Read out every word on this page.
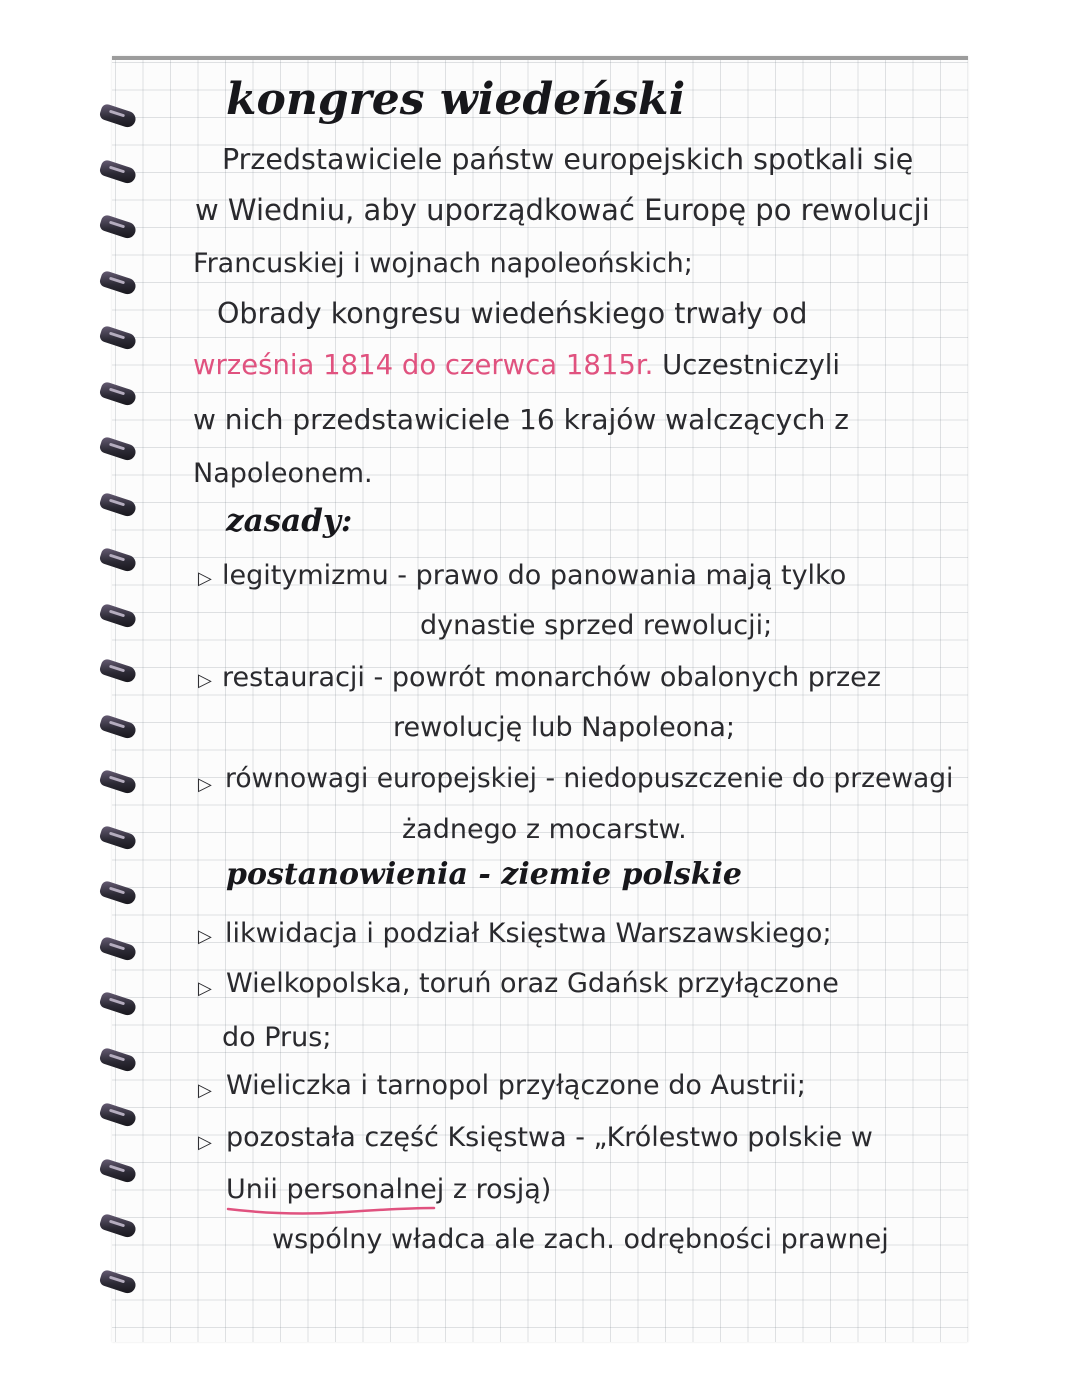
kongres wiedeński
Przedstawiciele państw europejskich spotkali się
w Wiedniu, aby uporządkować Europę po rewolucji
Francuskiej i wojnach napoleońskich;
Obrady kongresu wiedeńskiego trwały od
września 1814 do czerwca 1815r. Uczestniczyli
w nich przedstawiciele 16 krajów walczących z
Napoleonem.
zasady:
▷ legitymizmu - prawo do panowania mają tylko
dynastie sprzed rewolucji;
▷ restauracji - powrót monarchów obalonych przez
rewolucję lub Napoleona;
▷ równowagi europejskiej - niedopuszczenie do przewagi
żadnego z mocarstw.
postanowienia - ziemie polskie
▷ likwidacja i podział Księstwa Warszawskiego;
▷ Wielkopolska, toruń oraz Gdańsk przyłączone
do Prus;
▷ Wieliczka i tarnopol przyłączone do Austrii;
▷ pozostała część Księstwa - „Królestwo polskie w
Unii personalnej z rosją)
wspólny władca ale zach. odrębności prawnej
